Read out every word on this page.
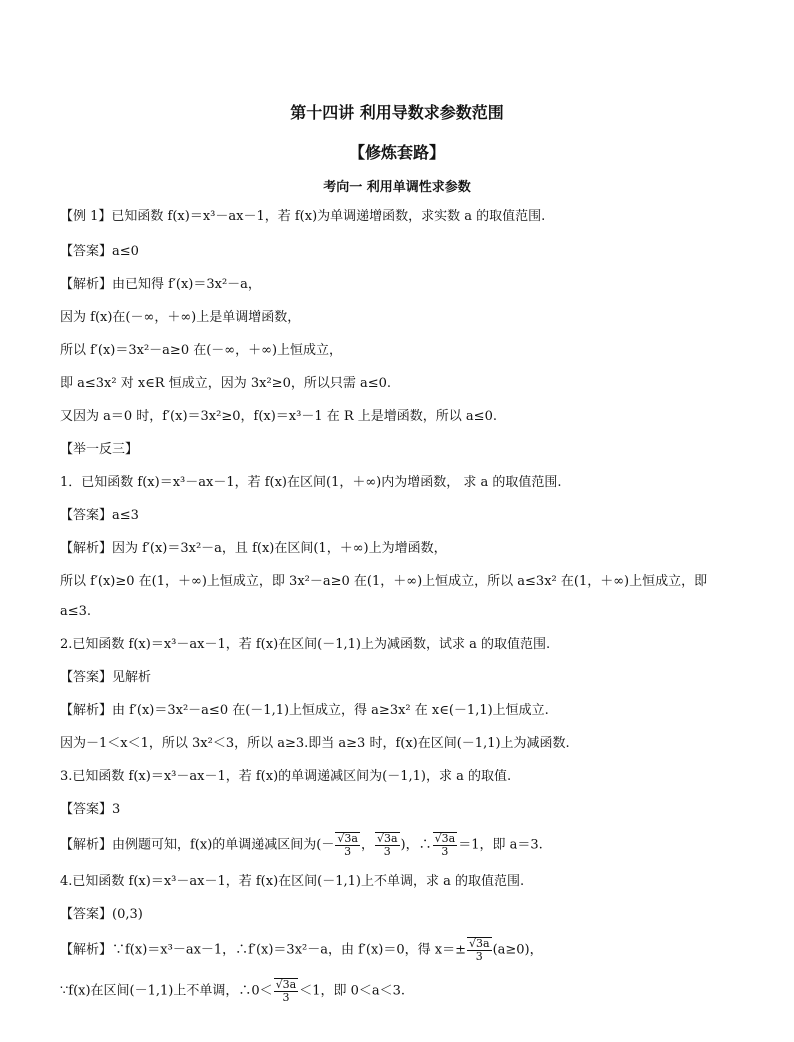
第十四讲 利用导数求参数范围
【修炼套路】
考向一 利用单调性求参数
【例 1】已知函数 f(x)＝x³－ax－1，若 f(x)为单调递增函数，求实数 a 的取值范围.
【答案】a≤0
【解析】由已知得 f′(x)＝3x²－a，
因为 f(x)在(－∞，＋∞)上是单调增函数，
所以 f′(x)＝3x²－a≥0 在(－∞，＋∞)上恒成立，
即 a≤3x² 对 x∈R 恒成立，因为 3x²≥0，所以只需 a≤0.
又因为 a＝0 时，f′(x)＝3x²≥0，f(x)＝x³－1 在 R 上是增函数，所以 a≤0.
【举一反三】
1．已知函数 f(x)＝x³－ax－1，若 f(x)在区间(1，＋∞)内为增函数， 求 a 的取值范围.
【答案】a≤3
【解析】因为 f′(x)＝3x²－a，且 f(x)在区间(1，＋∞)上为增函数，
所以 f′(x)≥0 在(1，＋∞)上恒成立，即 3x²－a≥0 在(1，＋∞)上恒成立，所以 a≤3x² 在(1，＋∞)上恒成立，即
a≤3.
2.已知函数 f(x)＝x³－ax－1，若 f(x)在区间(－1,1)上为减函数，试求 a 的取值范围.
【答案】见解析
【解析】由 f′(x)＝3x²－a≤0 在(－1,1)上恒成立，得 a≥3x² 在 x∈(－1,1)上恒成立.
因为－1＜x＜1，所以 3x²＜3，所以 a≥3.即当 a≥3 时，f(x)在区间(－1,1)上为减函数.
3.已知函数 f(x)＝x³－ax－1，若 f(x)的单调递减区间为(－1,1)，求 a 的取值.
【答案】3
【解析】由例题可知，f(x)的单调递减区间为(－ $\frac{√3a}{3}$ ， $\frac{√3a}{3}$ )，∴ $\frac{√3a}{3} =1$，即 a＝3.
4.已知函数 f(x)＝x³－ax－1，若 f(x)在区间(－1,1)上不单调，求 a 的取值范围.
【答案】(0,3)
【解析】∵f(x)＝x³－ax－1，∴f′(x)＝3x²－a，由 f′(x)＝0，得 $x=\pm \frac{√3a}{3} (a\ge 0)$，
∵f(x)在区间(－1,1)上不单调，∴0＜ $\frac{√3a}{3} <1$，即 0＜a＜3.
